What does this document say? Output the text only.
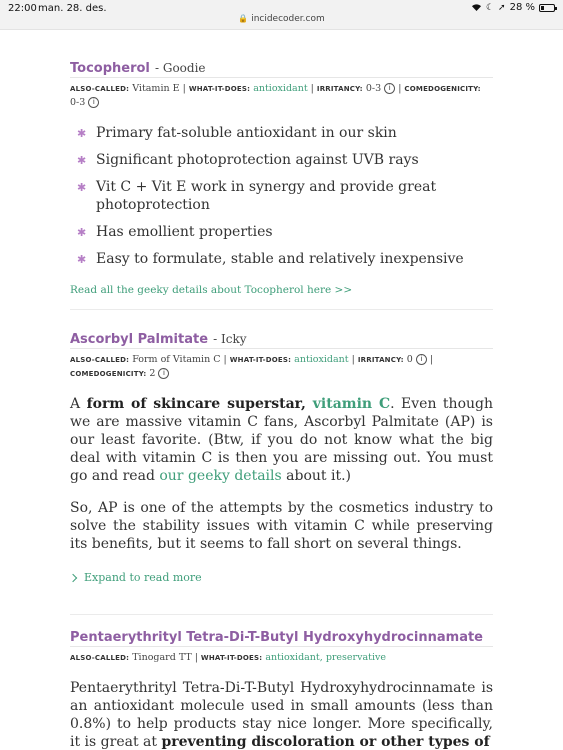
22:00 man. 28. des.	☾ ➚ 28 %
🔒 incidecoder.com
Tocopherol - Goodie
ALSO-CALLED: Vitamin E | WHAT-IT-DOES: antioxidant | IRRITANCY: 0-3 i | COMEDOGENICITY: 0-3 i
✱ Primary fat-soluble antioxidant in our skin
✱ Significant photoprotection against UVB rays
✱ Vit C + Vit E work in synergy and provide great photoprotection
✱ Has emollient properties
✱ Easy to formulate, stable and relatively inexpensive
Read all the geeky details about Tocopherol here >>
Ascorbyl Palmitate - Icky
ALSO-CALLED: Form of Vitamin C | WHAT-IT-DOES: antioxidant | IRRITANCY: 0 i |
COMEDOGENICITY: 2 i

A form of skincare superstar, vitamin C. Even though we are massive vitamin C fans, Ascorbyl Palmitate (AP) is our least favorite. (Btw, if you do not know what the big deal with vitamin C is then you are missing out. You must go and read our geeky details about it.)

So, AP is one of the attempts by the cosmetics industry to solve the stability issues with vitamin C while preserving its benefits, but it seems to fall short on several things.

Expand to read more
Pentaerythrityl Tetra-Di-T-Butyl Hydroxyhydrocinnamate
ALSO-CALLED: Tinogard TT | WHAT-IT-DOES: antioxidant, preservative

Pentaerythrityl Tetra-Di-T-Butyl Hydroxyhydrocinnamate is an antioxidant molecule used in small amounts (less than 0.8%) to help products stay nice longer. More specifically, it is great at preventing discoloration or other types of
